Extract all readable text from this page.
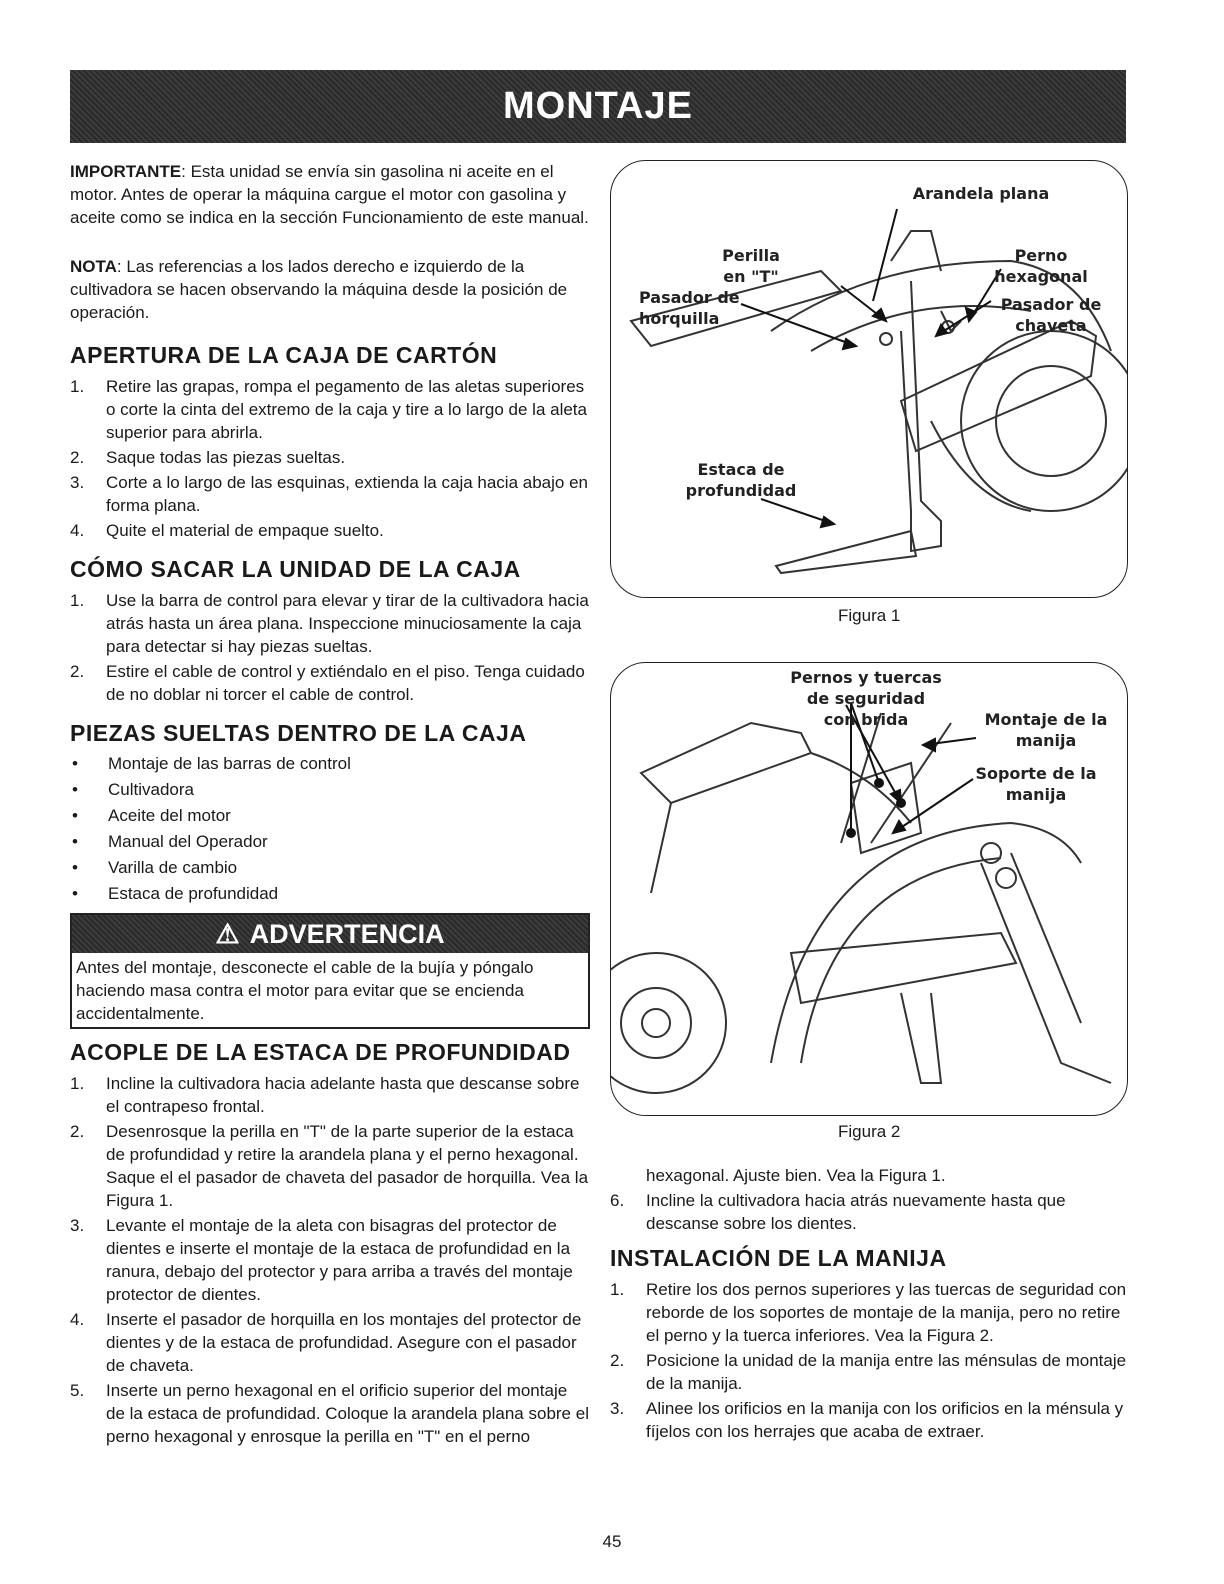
MONTAJE

IMPORTANTE: Esta unidad se envía sin gasolina ni aceite en el motor. Antes de operar la máquina cargue el motor con gasolina y aceite como se indica en la sección Funcionamiento de este manual.

NOTA: Las referencias a los lados derecho e izquierdo de la cultivadora se hacen observando la máquina desde la posición de operación.

APERTURA DE LA CAJA DE CARTÓN
1.	Retire las grapas, rompa el pegamento de las aletas superiores o corte la cinta del extremo de la caja y tire a lo largo de la aleta superior para abrirla.
2.	Saque todas las piezas sueltas.
3.	Corte a lo largo de las esquinas, extienda la caja hacia abajo en forma plana.
4.	Quite el material de empaque suelto.
CÓMO SACAR LA UNIDAD DE LA CAJA
1.	Use la barra de control para elevar y tirar de la cultivadora hacia atrás hasta un área plana. Inspeccione minuciosamente la caja para detectar si hay piezas sueltas.
2.	Estire el cable de control y extiéndalo en el piso. Tenga cuidado de no doblar ni torcer el cable de control.
PIEZAS SUELTAS DENTRO DE LA CAJA
•	Montaje de las barras de control
•	Cultivadora
•	Aceite del motor
•	Manual del Operador
•	Varilla de cambio
•	Estaca de profundidad
⚠ ADVERTENCIA
Antes del montaje, desconecte el cable de la bujía y póngalo haciendo masa contra el motor para evitar que se encienda accidentalmente.
ACOPLE DE LA ESTACA DE PROFUNDIDAD
1.	Incline la cultivadora hacia adelante hasta que descanse sobre el contrapeso frontal.
2.	Desenrosque la perilla en "T" de la parte superior de la estaca de profundidad y retire la arandela plana y el perno hexagonal. Saque el el pasador de chaveta del pasador de horquilla. Vea la Figura 1.
3.	Levante el montaje de la aleta con bisagras del protector de dientes e inserte el montaje de la estaca de profundidad en la ranura, debajo del protector y para arriba a través del montaje protector de dientes.
4.	Inserte el pasador de horquilla en los montajes del protector de dientes y de la estaca de profundidad. Asegure con el pasador de chaveta.
5.	Inserte un perno hexagonal en el orificio superior del montaje de la estaca de profundidad. Coloque la arandela plana sobre el perno hexagonal y enrosque la perilla en "T" en el perno
Arandela plana
Perilla
en "T"
Pasador de
horquilla
Perno
hexagonal
Pasador de
chaveta
Estaca de
profundidad
Figura 1
Pernos y tuercas
de seguridad
con brida	Montaje de la
manija
Soporte de la
manija
Figura 2

hexagonal. Ajuste bien. Vea la Figura 1.

6.	Incline la cultivadora hacia atrás nuevamente hasta que descanse sobre los dientes.
INSTALACIÓN DE LA MANIJA
1.	Retire los dos pernos superiores y las tuercas de seguridad con reborde de los soportes de montaje de la manija, pero no retire el perno y la tuerca inferiores. Vea la Figura 2.
2.	Posicione la unidad de la manija entre las ménsulas de montaje de la manija.
3.	Alinee los orificios en la manija con los orificios en la ménsula y fíjelos con los herrajes que acaba de extraer.
45
